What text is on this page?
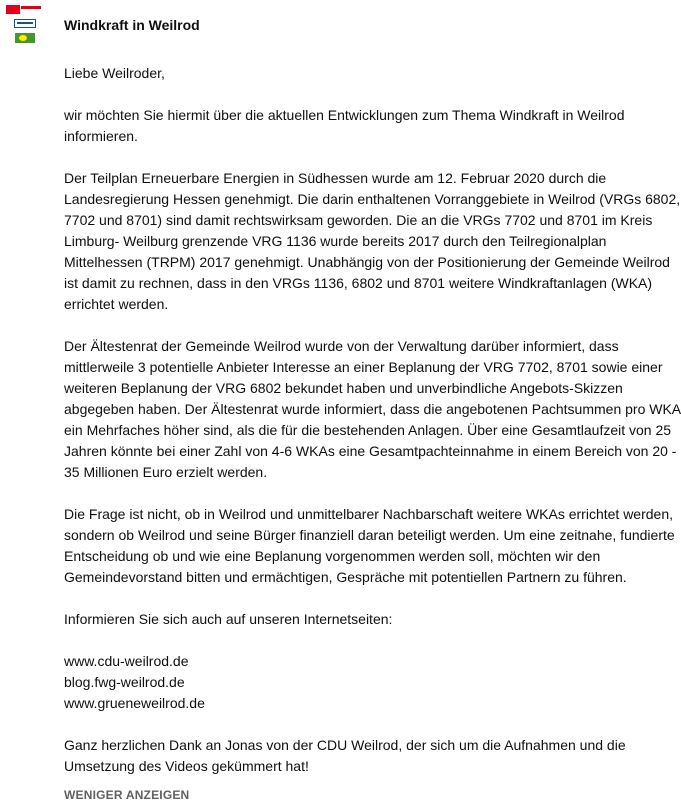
Windkraft in Weilrod

Liebe Weilroder,

wir möchten Sie hiermit über die aktuellen Entwicklungen zum Thema Windkraft in Weilrod
informieren.

Der Teilplan Erneuerbare Energien in Südhessen wurde am 12. Februar 2020 durch die
Landesregierung Hessen genehmigt. Die darin enthaltenen Vorranggebiete in Weilrod (VRGs 6802,
7702 und 8701) sind damit rechtswirksam geworden. Die an die VRGs 7702 und 8701 im Kreis
Limburg- Weilburg grenzende VRG 1136 wurde bereits 2017 durch den Teilregionalplan
Mittelhessen (TRPM) 2017 genehmigt. Unabhängig von der Positionierung der Gemeinde Weilrod
ist damit zu rechnen, dass in den VRGs 1136, 6802 und 8701 weitere Windkraftanlagen (WKA)
errichtet werden.

Der Ältestenrat der Gemeinde Weilrod wurde von der Verwaltung darüber informiert, dass
mittlerweile 3 potentielle Anbieter Interesse an einer Beplanung der VRG 7702, 8701 sowie einer
weiteren Beplanung der VRG 6802 bekundet haben und unverbindliche Angebots-Skizzen
abgegeben haben. Der Ältestenrat wurde informiert, dass die angebotenen Pachtsummen pro WKA
ein Mehrfaches höher sind, als die für die bestehenden Anlagen. Über eine Gesamtlaufzeit von 25
Jahren könnte bei einer Zahl von 4-6 WKAs eine Gesamtpachteinnahme in einem Bereich von 20 -
35 Millionen Euro erzielt werden.

Die Frage ist nicht, ob in Weilrod und unmittelbarer Nachbarschaft weitere WKAs errichtet werden,
sondern ob Weilrod und seine Bürger finanziell daran beteiligt werden. Um eine zeitnahe, fundierte
Entscheidung ob und wie eine Beplanung vorgenommen werden soll, möchten wir den
Gemeindevorstand bitten und ermächtigen, Gespräche mit potentiellen Partnern zu führen.

Informieren Sie sich auch auf unseren Internetseiten:

www.cdu-weilrod.de
blog.fwg-weilrod.de
www.grueneweilrod.de

Ganz herzlichen Dank an Jonas von der CDU Weilrod, der sich um die Aufnahmen und die
Umsetzung des Videos gekümmert hat!

WENIGER ANZEIGEN
